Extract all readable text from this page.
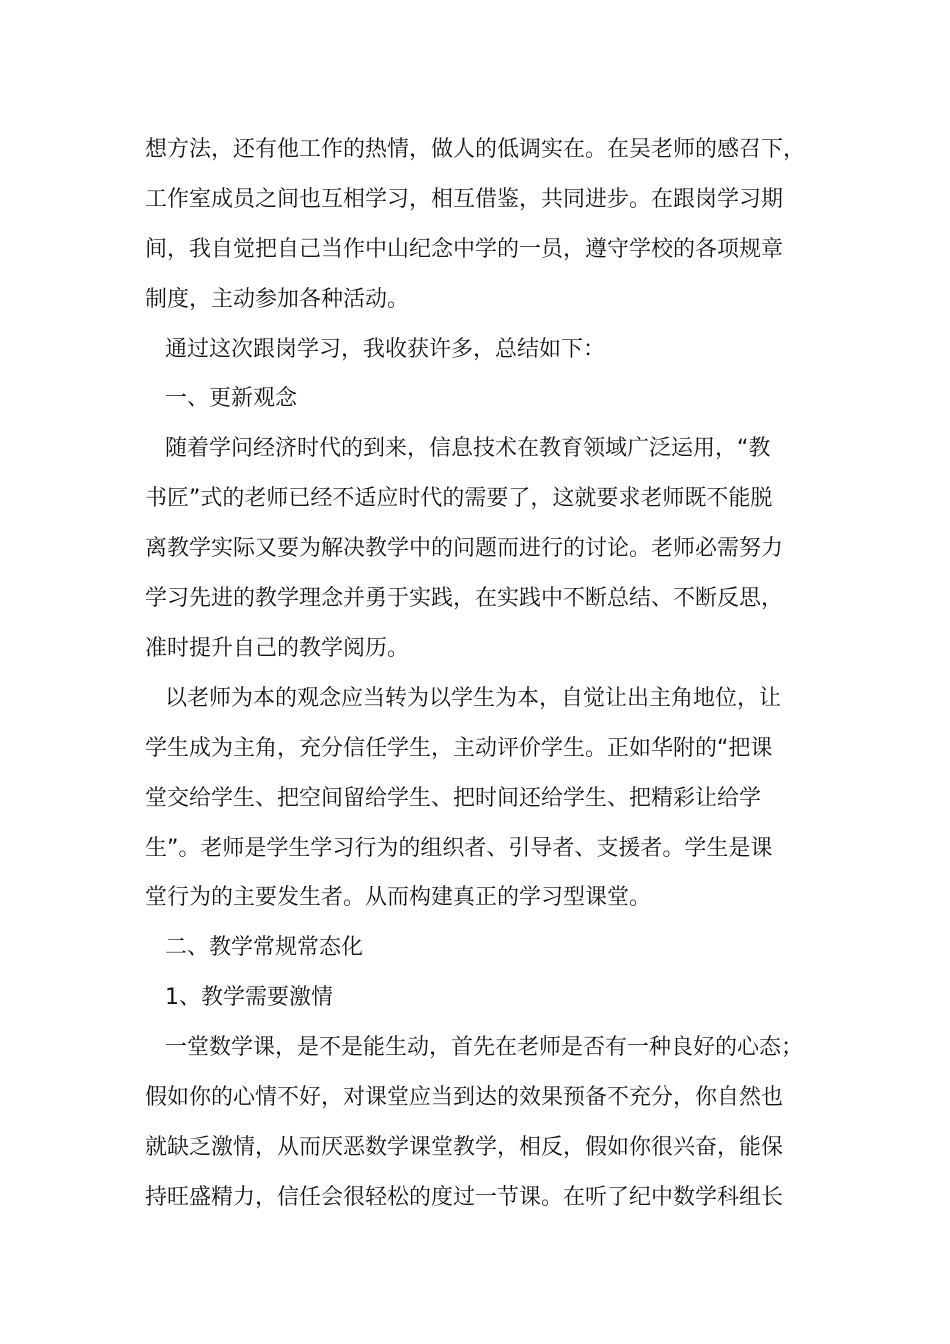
想方法，还有他工作的热情，做人的低调实在。在吴老师的感召下，
工作室成员之间也互相学习，相互借鉴，共同进步。在跟岗学习期
间，我自觉把自己当作中山纪念中学的一员，遵守学校的各项规章
制度，主动参加各种活动。
通过这次跟岗学习，我收获许多，总结如下：
一、更新观念
随着学问经济时代的到来，信息技术在教育领域广泛运用，“教
书匠”式的老师已经不适应时代的需要了，这就要求老师既不能脱
离教学实际又要为解决教学中的问题而进行的讨论。老师必需努力
学习先进的教学理念并勇于实践，在实践中不断总结、不断反思，
准时提升自己的教学阅历。
以老师为本的观念应当转为以学生为本，自觉让出主角地位，让
学生成为主角，充分信任学生，主动评价学生。正如华附的“把课
堂交给学生、把空间留给学生、把时间还给学生、把精彩让给学
生”。老师是学生学习行为的组织者、引导者、支援者。学生是课
堂行为的主要发生者。从而构建真正的学习型课堂。
二、教学常规常态化
1、教学需要激情
一堂数学课，是不是能生动，首先在老师是否有一种良好的心态；
假如你的心情不好，对课堂应当到达的效果预备不充分，你自然也
就缺乏激情，从而厌恶数学课堂教学，相反，假如你很兴奋，能保
持旺盛精力，信任会很轻松的度过一节课。在听了纪中数学科组长
